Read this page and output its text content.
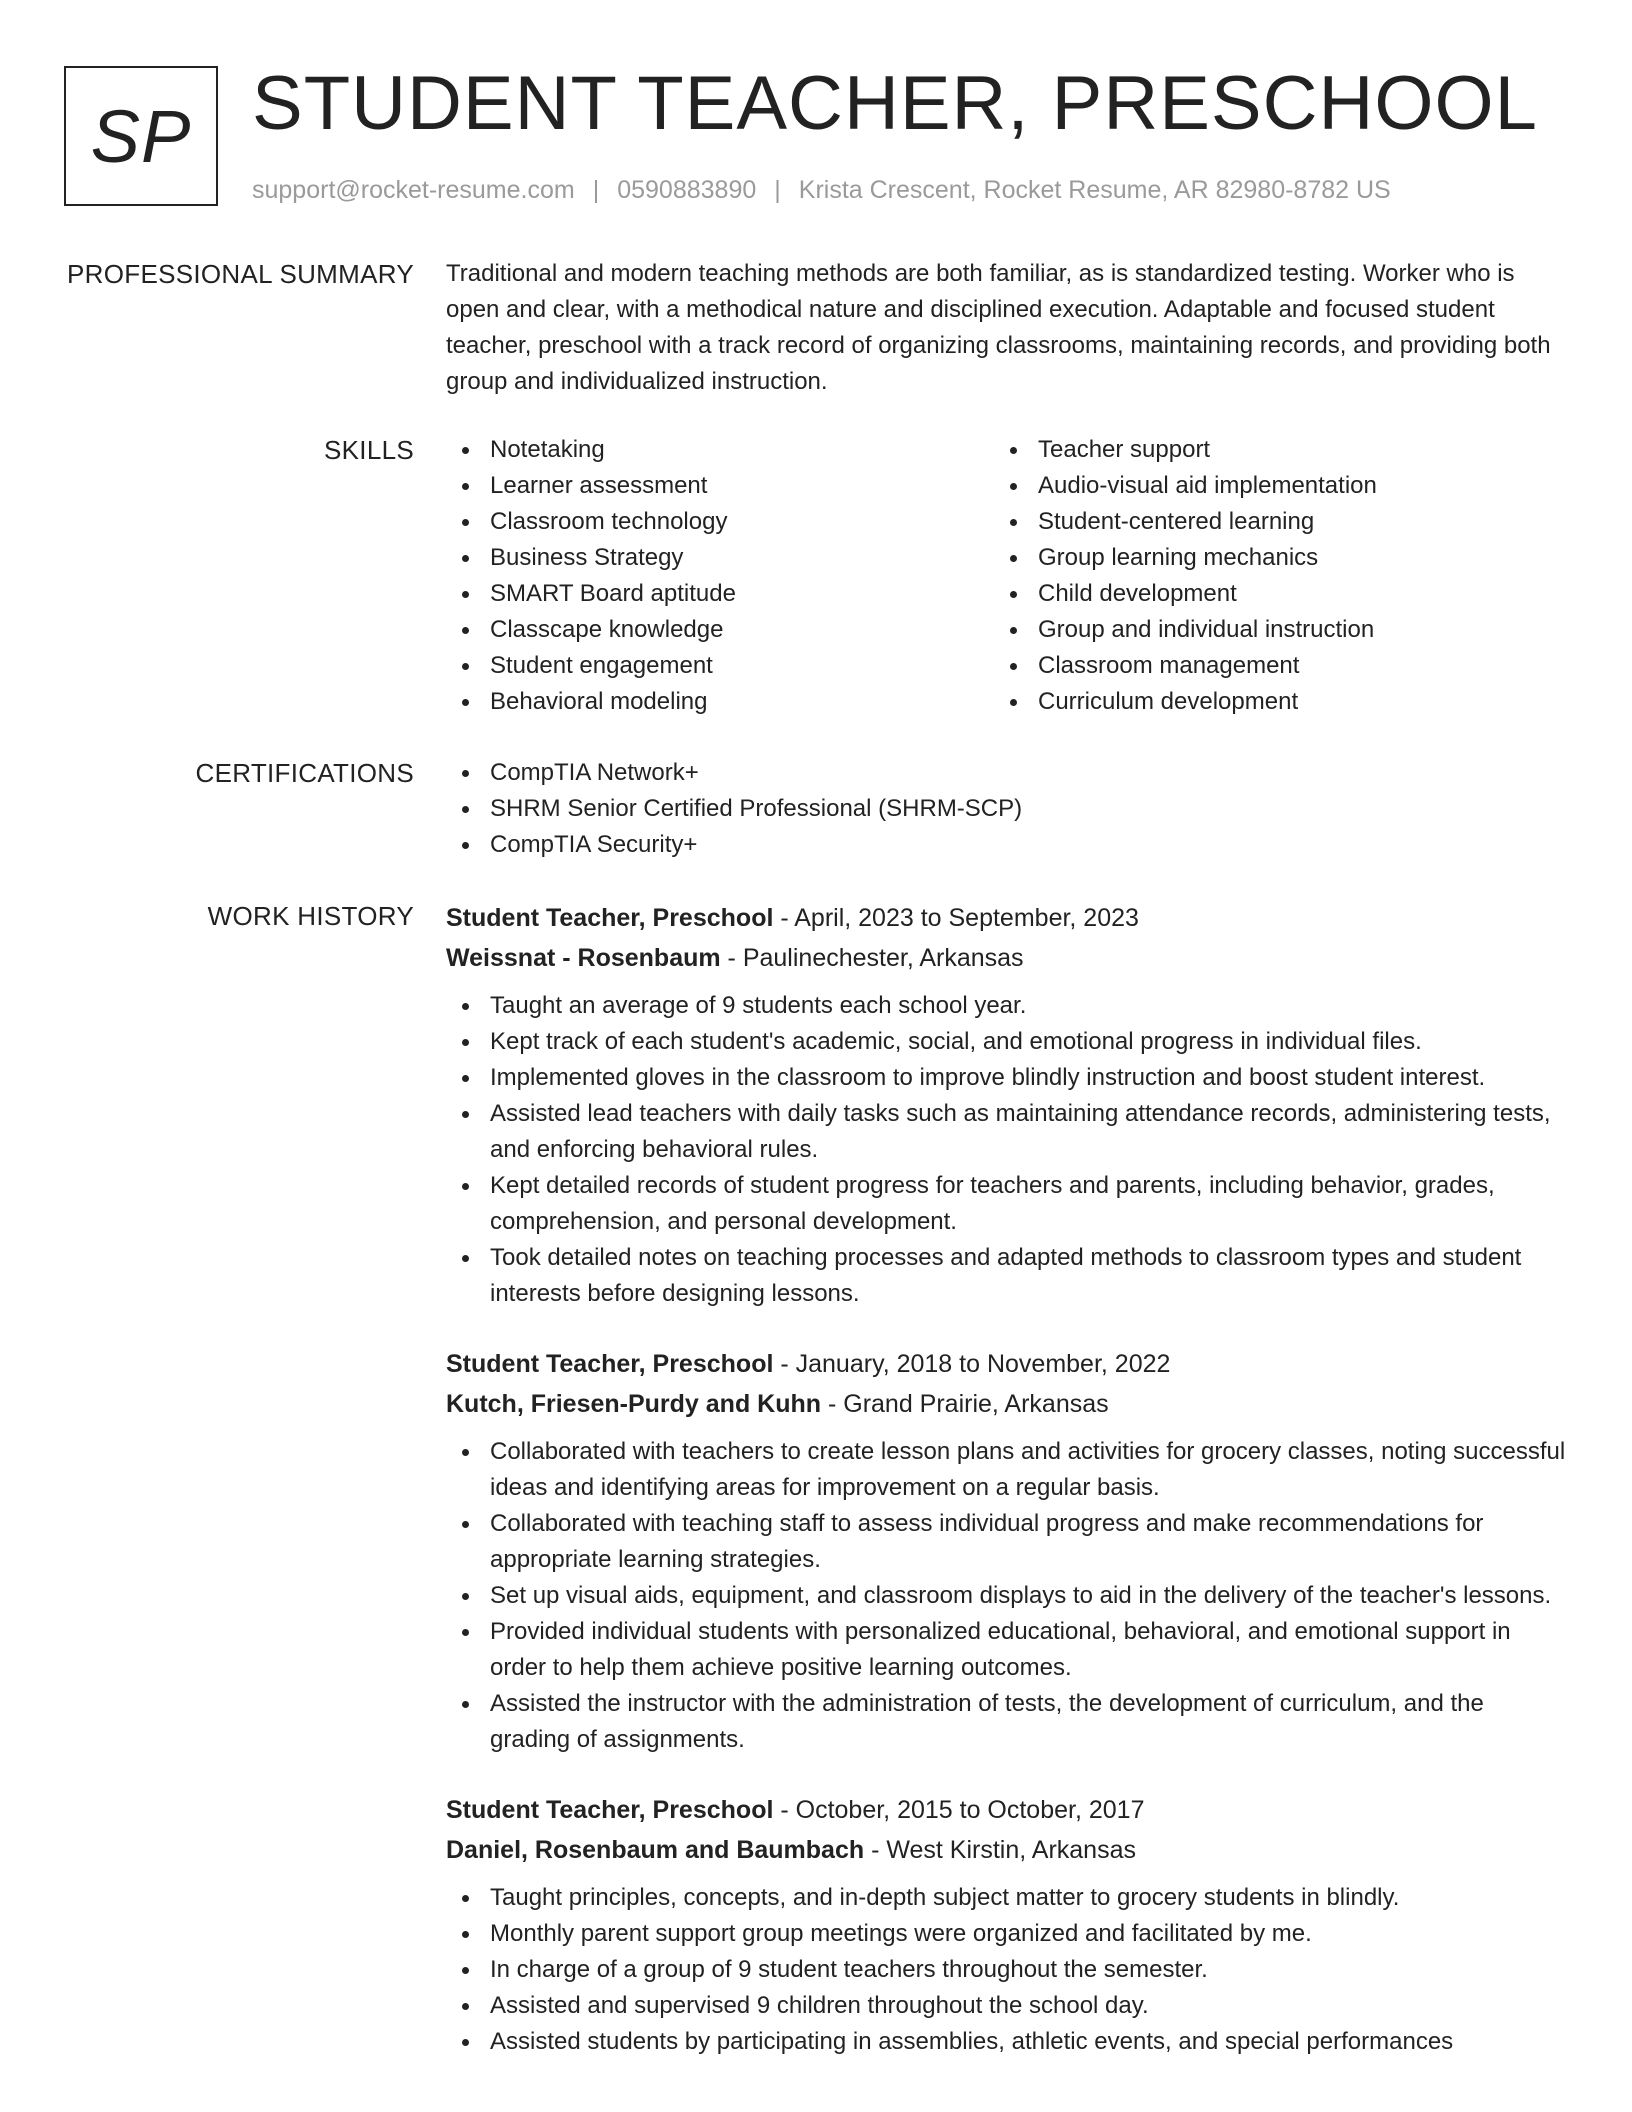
SP STUDENT TEACHER, PRESCHOOL
support@rocket-resume.com | 0590883890 | Krista Crescent, Rocket Resume, AR 82980-8782 US
PROFESSIONAL SUMMARY Traditional and modern teaching methods are both familiar, as is standardized testing. Worker who is open and clear, with a methodical nature and disciplined execution. Adaptable and focused student teacher, preschool with a track record of organizing classrooms, maintaining records, and providing both group and individualized instruction.

SKILLS	Notetaking
Learner assessment
Classroom technology
Business Strategy
SMART Board aptitude
Classcape knowledge
Student engagement
Behavioral modeling
Teacher support
Audio-visual aid implementation
Student-centered learning
Group learning mechanics
Child development
Group and individual instruction
Classroom management
Curriculum development
CERTIFICATIONS	CompTIA Network+
SHRM Senior Certified Professional (SHRM-SCP)
CompTIA Security+
WORK HISTORY Student Teacher, Preschool - April, 2023 to September, 2023
Weissnat - Rosenbaum - Paulinechester, Arkansas
Taught an average of 9 students each school year.
Kept track of each student's academic, social, and emotional progress in individual files.
Implemented gloves in the classroom to improve blindly instruction and boost student interest.
Assisted lead teachers with daily tasks such as maintaining attendance records, administering tests, and enforcing behavioral rules.
Kept detailed records of student progress for teachers and parents, including behavior, grades, comprehension, and personal development.
Took detailed notes on teaching processes and adapted methods to classroom types and student interests before designing lessons.
Student Teacher, Preschool - January, 2018 to November, 2022
Kutch, Friesen-Purdy and Kuhn - Grand Prairie, Arkansas
Collaborated with teachers to create lesson plans and activities for grocery classes, noting successful ideas and identifying areas for improvement on a regular basis.
Collaborated with teaching staff to assess individual progress and make recommendations for appropriate learning strategies.
Set up visual aids, equipment, and classroom displays to aid in the delivery of the teacher's lessons.
Provided individual students with personalized educational, behavioral, and emotional support in order to help them achieve positive learning outcomes.
Assisted the instructor with the administration of tests, the development of curriculum, and the grading of assignments.
Student Teacher, Preschool - October, 2015 to October, 2017
Daniel, Rosenbaum and Baumbach - West Kirstin, Arkansas
Taught principles, concepts, and in-depth subject matter to grocery students in blindly.
Monthly parent support group meetings were organized and facilitated by me.
In charge of a group of 9 student teachers throughout the semester.
Assisted and supervised 9 children throughout the school day.
Assisted students by participating in assemblies, athletic events, and special performances
